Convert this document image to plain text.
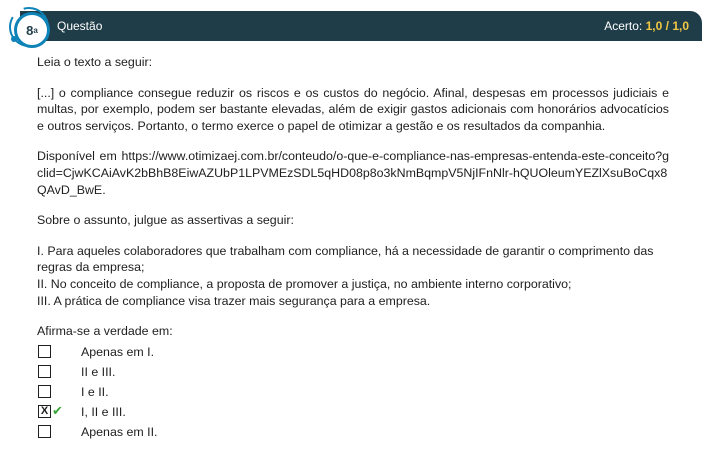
Questão	Acerto: 1,0 / 1,0
8 a

Leia o texto a seguir:

[...] o compliance consegue reduzir os riscos e os custos do negócio. Afinal, despesas em processos judiciais e multas, por exemplo, podem ser bastante elevadas, além de exigir gastos adicionais com honorários advocatícios e outros serviços. Portanto, o termo exerce o papel de otimizar a gestão e os resultados da companhia.

Disponível em https://www.otimizaej.com.br/conteudo/o-que-e-compliance-nas-empresas-entenda-este-conceito?gclid=CjwKCAiAvK2bBhB8EiwAZUbP1LPVMEzSDL5qHD08p8o3kNmBqmpV5NjIFnNlr-hQUOleumYEZlXsuBoCqx8QAvD_BwE.

Sobre o assunto, julgue as assertivas a seguir:

I. Para aqueles colaboradores que trabalham com compliance, há a necessidade de garantir o comprimento das regras da empresa;
II. No conceito de compliance, a proposta de promover a justiça, no ambiente interno corporativo;
III. A prática de compliance visa trazer mais segurança para a empresa.

Afirma-se a verdade em:

Apenas em I.
II e III.
I e II.
X ✔ I, II e III.
Apenas em II.
